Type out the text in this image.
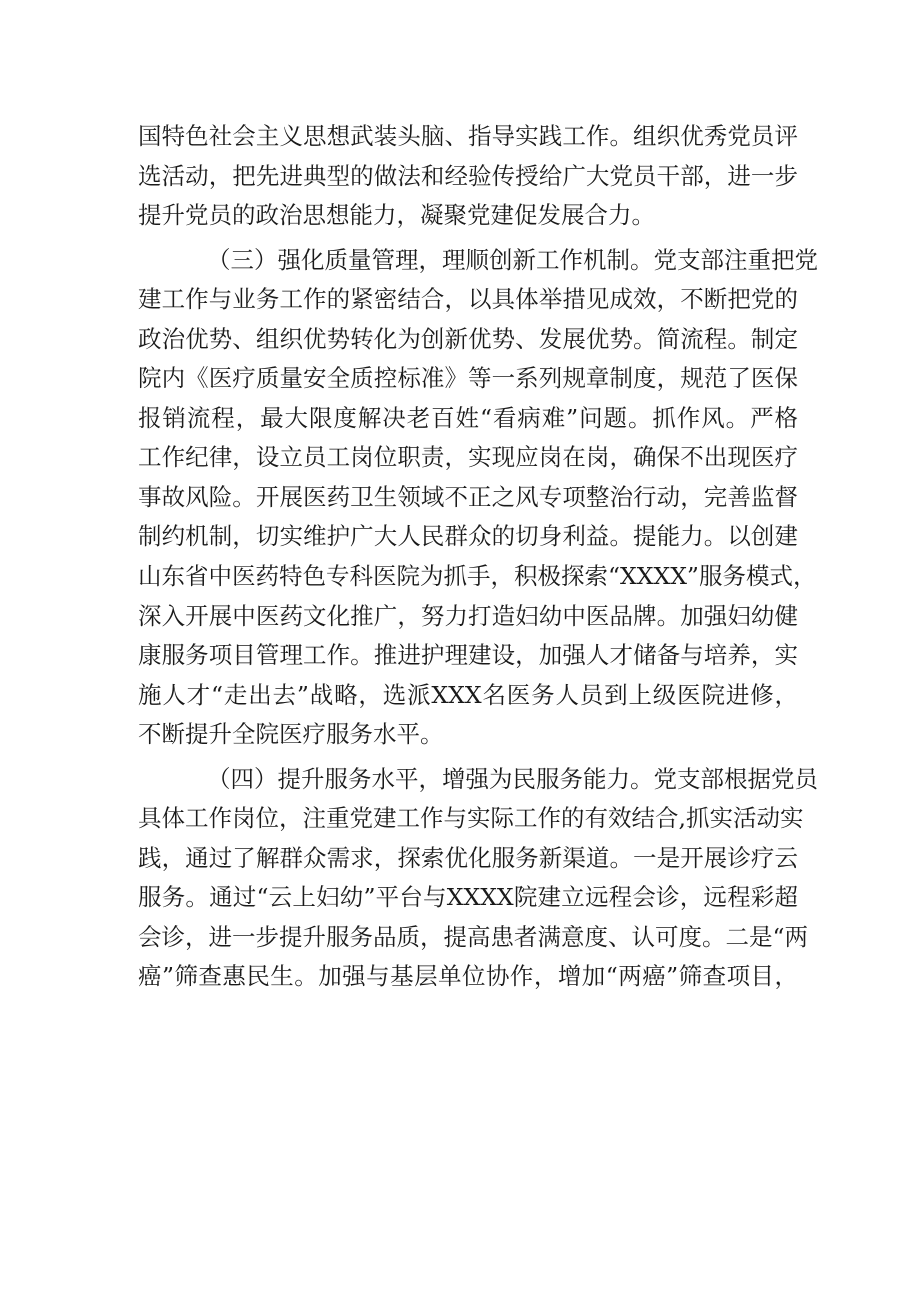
国特色社会主义思想武装头脑、指导实践工作。组织优秀党员评
选活动，把先进典型的做法和经验传授给广大党员干部，进一步
提升党员的政治思想能力，凝聚党建促发展合力。
（三）强化质量管理，理顺创新工作机制。党支部注重把党
建工作与业务工作的紧密结合，以具体举措见成效，不断把党的
政治优势、组织优势转化为创新优势、发展优势。简流程。制定
院内《医疗质量安全质控标准》等一系列规章制度，规范了医保
报销流程，最大限度解决老百姓“看病难”问题。抓作风。严格
工作纪律，设立员工岗位职责，实现应岗在岗，确保不出现医疗
事故风险。开展医药卫生领域不正之风专项整治行动，完善监督
制约机制，切实维护广大人民群众的切身利益。提能力。以创建
山东省中医药特色专科医院为抓手，积极探索“XXXX”服务模式，
深入开展中医药文化推广，努力打造妇幼中医品牌。加强妇幼健
康服务项目管理工作。推进护理建设，加强人才储备与培养，实
施人才“走出去”战略，选派XXX名医务人员到上级医院进修，
不断提升全院医疗服务水平。
（四）提升服务水平，增强为民服务能力。党支部根据党员
具体工作岗位，注重党建工作与实际工作的有效结合,抓实活动实
践，通过了解群众需求，探索优化服务新渠道。一是开展诊疗云
服务。通过“云上妇幼”平台与XXXX院建立远程会诊，远程彩超
会诊，进一步提升服务品质，提高患者满意度、认可度。二是“两
癌”筛查惠民生。加强与基层单位协作，增加“两癌”筛查项目，
